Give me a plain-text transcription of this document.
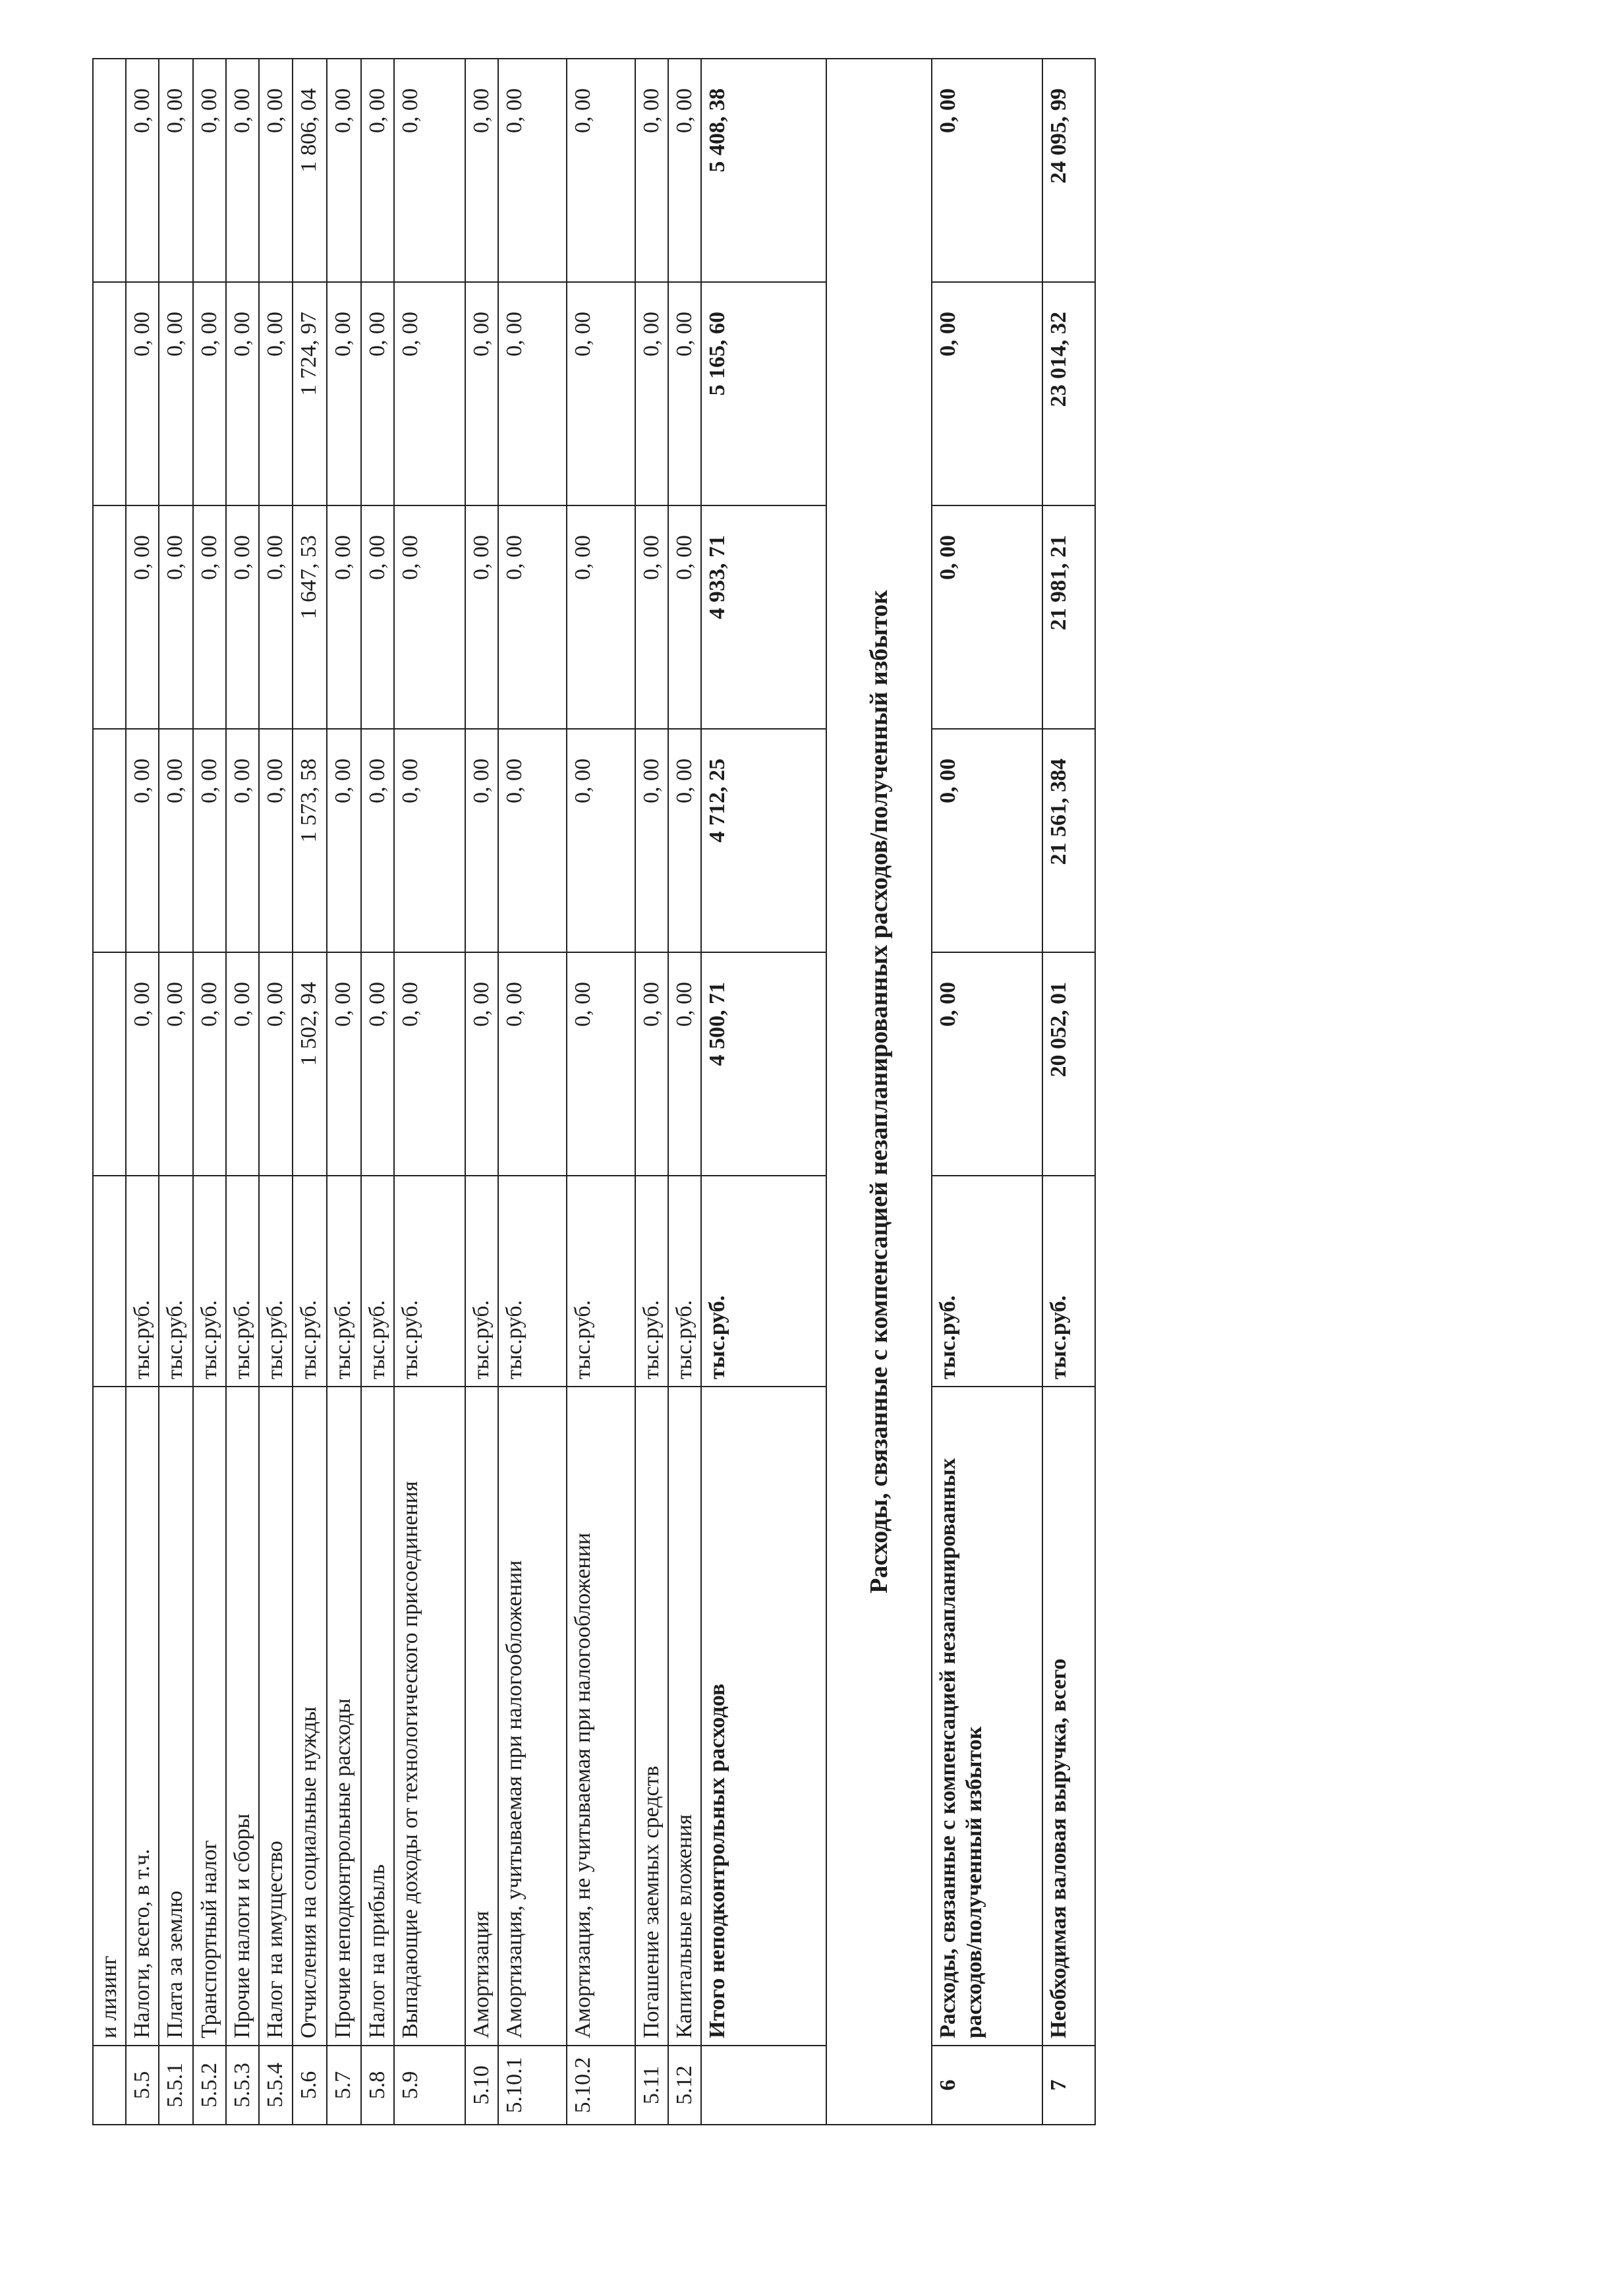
	и лизинг						
5.5	Налоги, всего, в т.ч.	тыс.руб.	0, 00	0, 00	0, 00	0, 00	0, 00
5.5.1	Плата за землю	тыс.руб.	0, 00	0, 00	0, 00	0, 00	0, 00
5.5.2	Транспортный налог	тыс.руб.	0, 00	0, 00	0, 00	0, 00	0, 00
5.5.3	Прочие налоги и сборы	тыс.руб.	0, 00	0, 00	0, 00	0, 00	0, 00
5.5.4	Налог на имущество	тыс.руб.	0, 00	0, 00	0, 00	0, 00	0, 00
5.6	Отчисления на социальные нужды	тыс.руб.	1 502, 94	1 573, 58	1 647, 53	1 724, 97	1 806, 04
5.7	Прочие неподконтрольные расходы	тыс.руб.	0, 00	0, 00	0, 00	0, 00	0, 00
5.8	Налог на прибыль	тыс.руб.	0, 00	0, 00	0, 00	0, 00	0, 00
5.9	Выпадающие доходы от технологического присоединения	тыс.руб.	0, 00	0, 00	0, 00	0, 00	0, 00
5.10	Амортизация	тыс.руб.	0, 00	0, 00	0, 00	0, 00	0, 00
5.10.1	Амортизация, учитываемая при налогообложении	тыс.руб.	0, 00	0, 00	0, 00	0, 00	0, 00
5.10.2	Амортизация, не учитываемая при налогообложении	тыс.руб.	0, 00	0, 00	0, 00	0, 00	0, 00
5.11	Погашение заемных средств	тыс.руб.	0, 00	0, 00	0, 00	0, 00	0, 00
5.12	Капитальные вложения	тыс.руб.	0, 00	0, 00	0, 00	0, 00	0, 00
	Итого неподконтрольных расходов	тыс.руб.	4 500, 71	4 712, 25	4 933, 71	5 165, 60	5 408, 38
Расходы, связанные с компенсацией незапланированных расходов/полученный избыток							
6	Расходы, связанные с компенсацией незапланированных расходов/полученный избыток	тыс.руб.	0, 00	0, 00	0, 00	0, 00	0, 00
7	Необходимая валовая выручка, всего	тыс.руб.	20 052, 01	21 561, 384	21 981, 21	23 014, 32	24 095, 99
